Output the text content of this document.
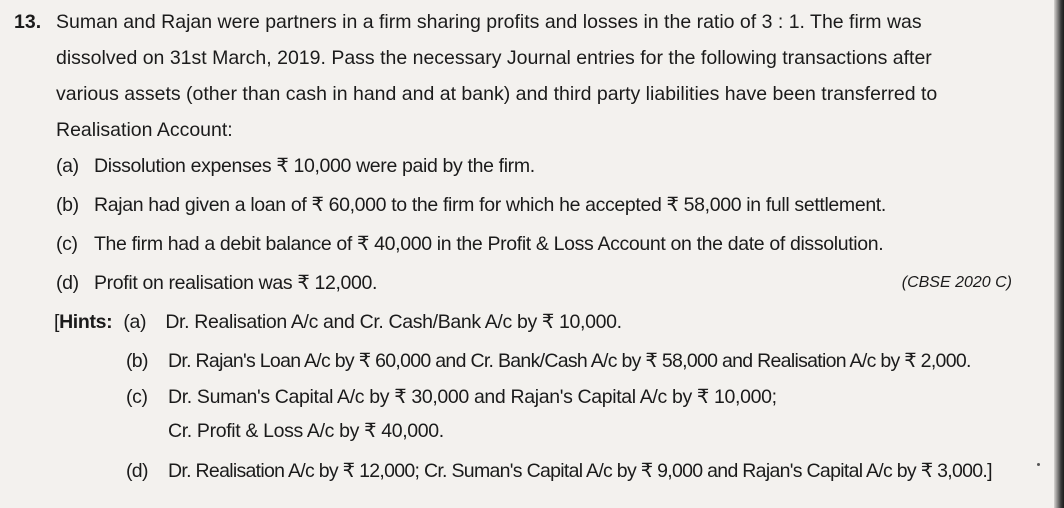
13. Suman and Rajan were partners in a firm sharing profits and losses in the ratio of 3 : 1. The firm was
dissolved on 31st March, 2019. Pass the necessary Journal entries for the following transactions after
various assets (other than cash in hand and at bank) and third party liabilities have been transferred to
Realisation Account:
(a) Dissolution expenses ₹ 10,000 were paid by the firm.
(b) Rajan had given a loan of ₹ 60,000 to the firm for which he accepted ₹ 58,000 in full settlement.
(c) The firm had a debit balance of ₹ 40,000 in the Profit & Loss Account on the date of dissolution.
(d) Profit on realisation was ₹ 12,000.	(CBSE 2020 C)
[Hints: (a) Dr. Realisation A/c and Cr. Cash/Bank A/c by ₹ 10,000.
(b) Dr. Rajan's Loan A/c by ₹ 60,000 and Cr. Bank/Cash A/c by ₹ 58,000 and Realisation A/c by ₹ 2,000.
(c) Dr. Suman's Capital A/c by ₹ 30,000 and Rajan's Capital A/c by ₹ 10,000;
Cr. Profit & Loss A/c by ₹ 40,000.
(d) Dr. Realisation A/c by ₹ 12,000; Cr. Suman's Capital A/c by ₹ 9,000 and Rajan's Capital A/c by ₹ 3,000.]
